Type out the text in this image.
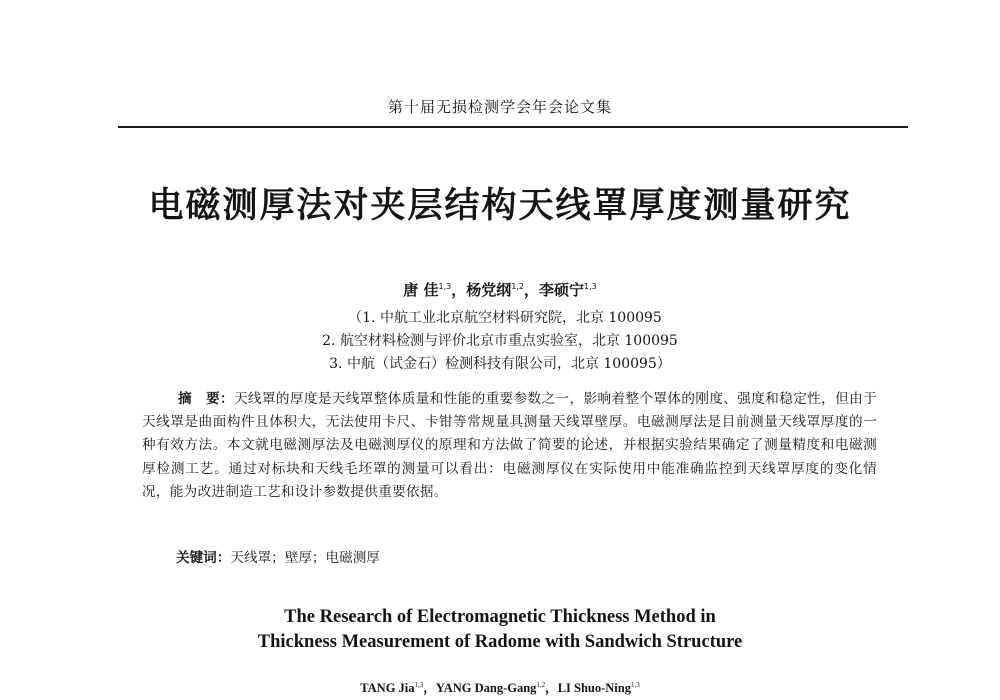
第十届无损检测学会年会论文集
电磁测厚法对夹层结构天线罩厚度测量研究
唐 佳$^{1,3}$，杨党纲$^{1,2}$，李硕宁$^{1,3}$
（1. 中航工业北京航空材料研究院，北京 100095
2. 航空材料检测与评价北京市重点实验室，北京 100095
3. 中航（试金石）检测科技有限公司，北京 100095）
摘　要：天线罩的厚度是天线罩整体质量和性能的重要参数之一，影响着整个罩体的刚度、强度和稳定性，但由于天线罩是曲面构件且体积大，无法使用卡尺、卡钳等常规量具测量天线罩壁厚。电磁测厚法是目前测量天线罩厚度的一种有效方法。本文就电磁测厚法及电磁测厚仪的原理和方法做了简要的论述，并根据实验结果确定了测量精度和电磁测厚检测工艺。通过对标块和天线毛坯罩的测量可以看出：电磁测厚仪在实际使用中能准确监控到天线罩厚度的变化情况，能为改进制造工艺和设计参数提供重要依据。
关键词：天线罩；壁厚；电磁测厚
The Research of Electromagnetic Thickness Method in
Thickness Measurement of Radome with Sandwich Structure
TANG Jia$^{1,3}$，YANG Dang-Gang$^{1,2}$，LI Shuo-Ning$^{1,3}$
